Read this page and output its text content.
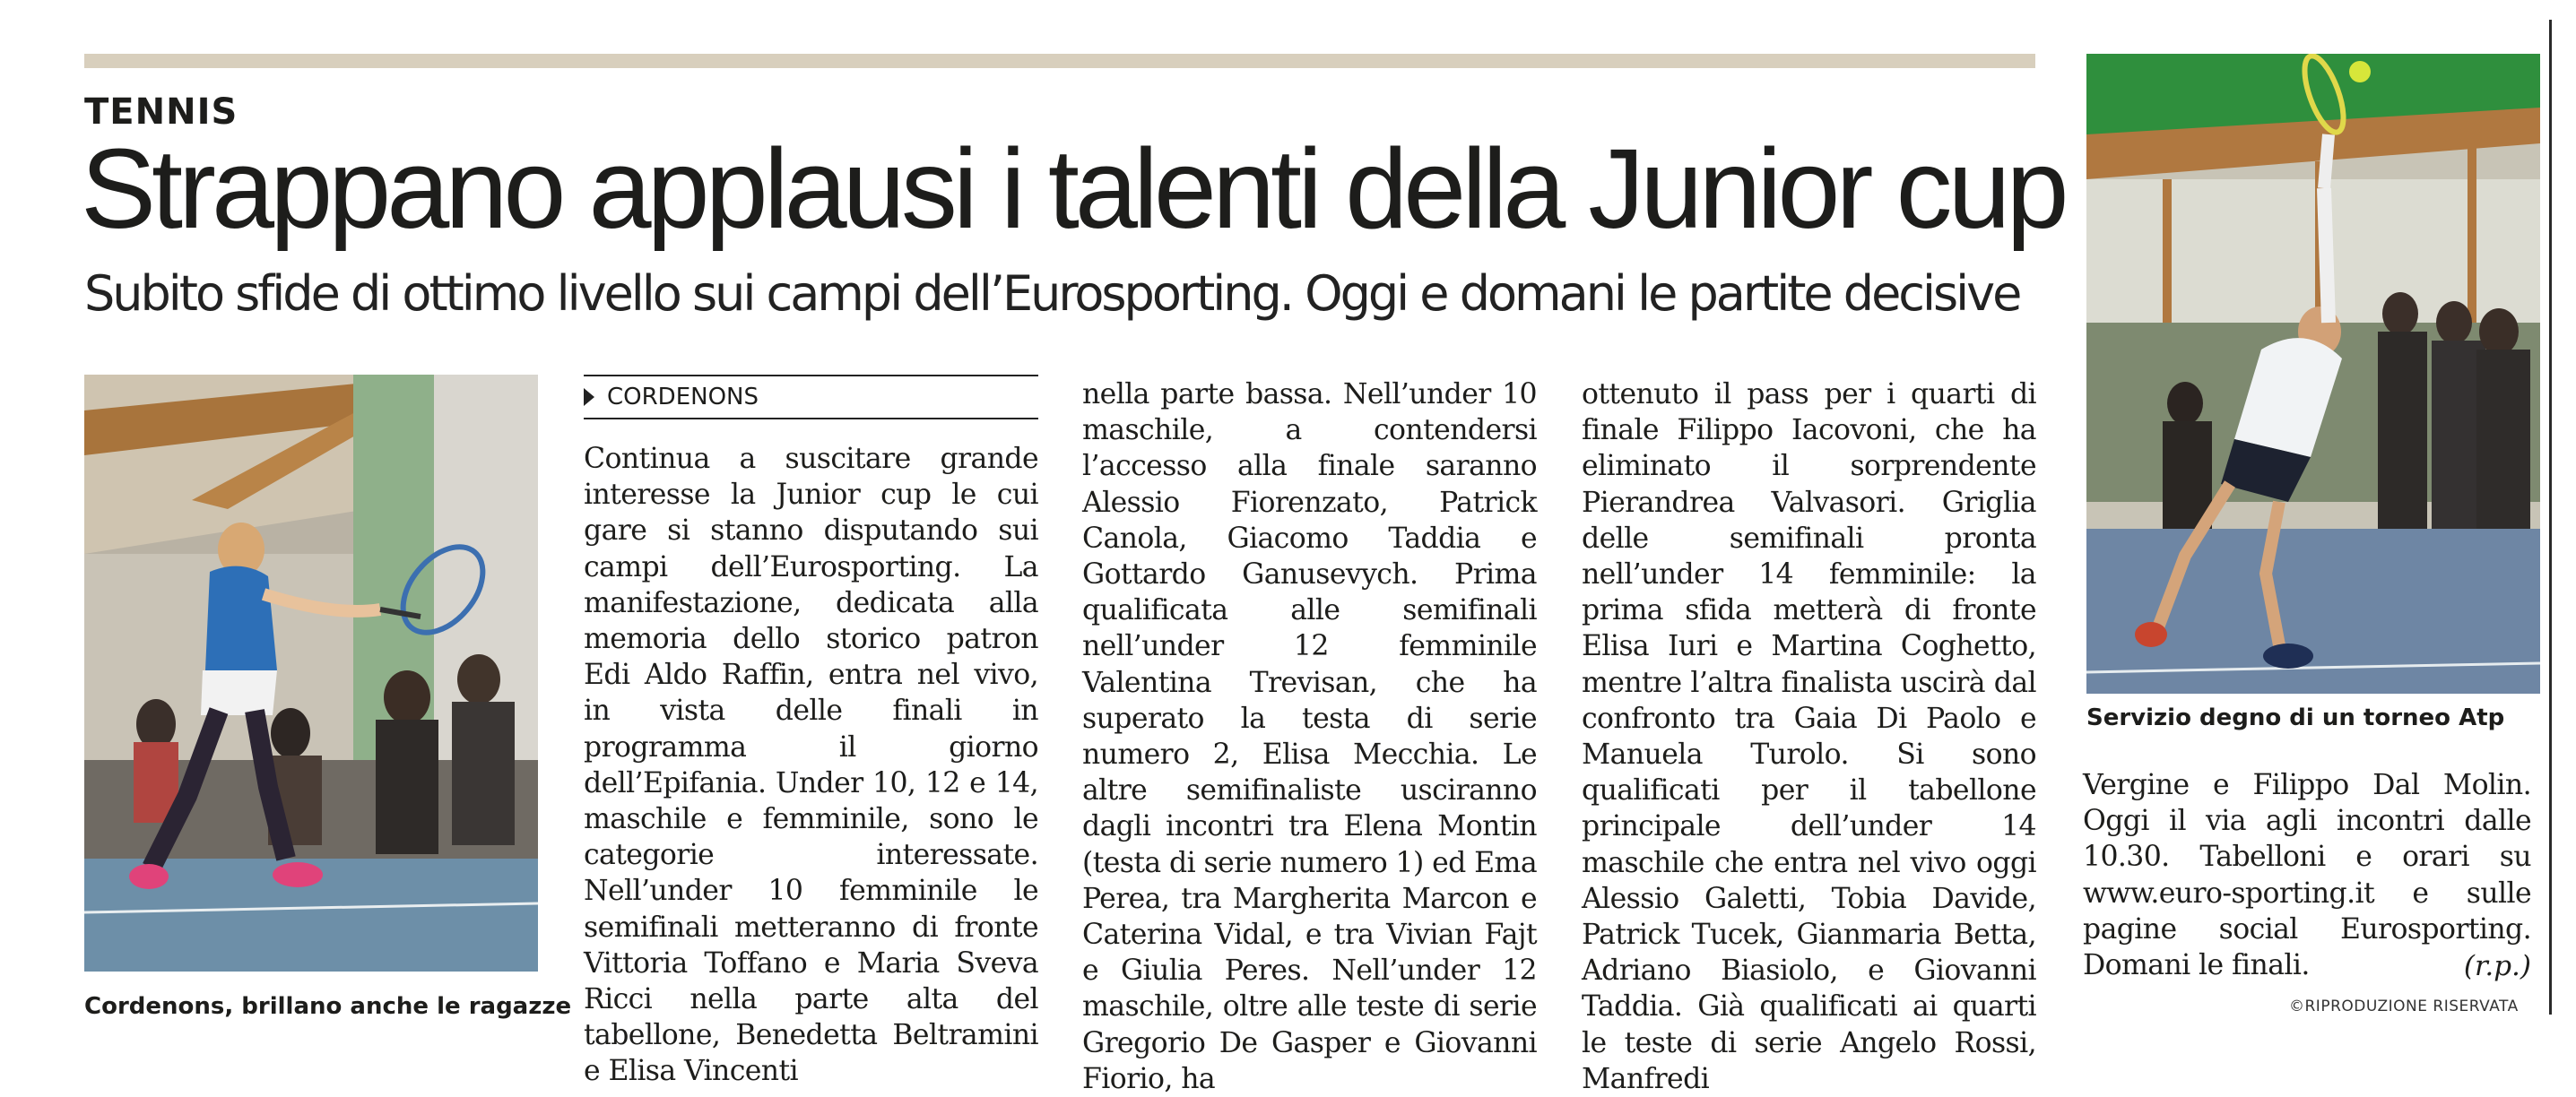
TENNIS
Strappano applausi i talenti della Junior cup
Subito sfide di ottimo livello sui campi dell’Eurosporting. Oggi e domani le partite decisive
Cordenons, brillano anche le ragazze
Servizio degno di un torneo Atp
CORDENONS

Continua a suscitare grande interesse la Junior cup le cui gare si stanno disputando sui campi dell’Eurosporting. La manifestazione, dedicata alla memoria dello storico patron Edi Aldo Raffin, entra nel vivo, in vista delle finali in programma il giorno dell’Epifania. Under 10, 12 e 14, maschile e femminile, sono le categorie interessate. Nell’under 10 femminile le semifinali metteranno di fronte Vittoria Toffano e Maria Sveva Ricci nella parte alta del tabellone, Benedetta Beltramini e Elisa Vincenti

nella parte bassa. Nell’under 10 maschile, a contendersi l’accesso alla finale saranno Alessio Fiorenzato, Patrick Canola, Giacomo Taddia e Gottardo Ganusevych. Prima qualificata alle semifinali nell’under 12 femminile Valentina Trevisan, che ha superato la testa di serie numero 2, Elisa Mecchia. Le altre semifinaliste usciranno dagli incontri tra Elena Montin (testa di serie numero 1) ed Ema Perea, tra Margherita Marcon e Caterina Vidal, e tra Vivian Fajt e Giulia Peres. Nell’under 12 maschile, oltre alle teste di serie Gregorio De Gasper e Giovanni Fiorio, ha

ottenuto il pass per i quarti di finale Filippo Iacovoni, che ha eliminato il sorprendente Pierandrea Valvasori. Griglia delle semifinali pronta nell’under 14 femminile: la prima sfida metterà di fronte Elisa Iuri e Martina Coghetto, mentre l’altra finalista uscirà dal confronto tra Gaia Di Paolo e Manuela Turolo. Si sono qualificati per il tabellone principale dell’under 14 maschile che entra nel vivo oggi Alessio Galetti, Tobia Davide, Patrick Tucek, Gianmaria Betta, Adriano Biasiolo, e Giovanni Taddia. Già qualificati ai quarti le teste di serie Angelo Rossi, Manfredi

Vergine e Filippo Dal Molin. Oggi il via agli incontri dalle 10.30. Tabelloni e orari su www.euro-sporting.it e sulle pagine social Eurosporting. Domani le finali.	(r.p.)
©RIPRODUZIONE RISERVATA
